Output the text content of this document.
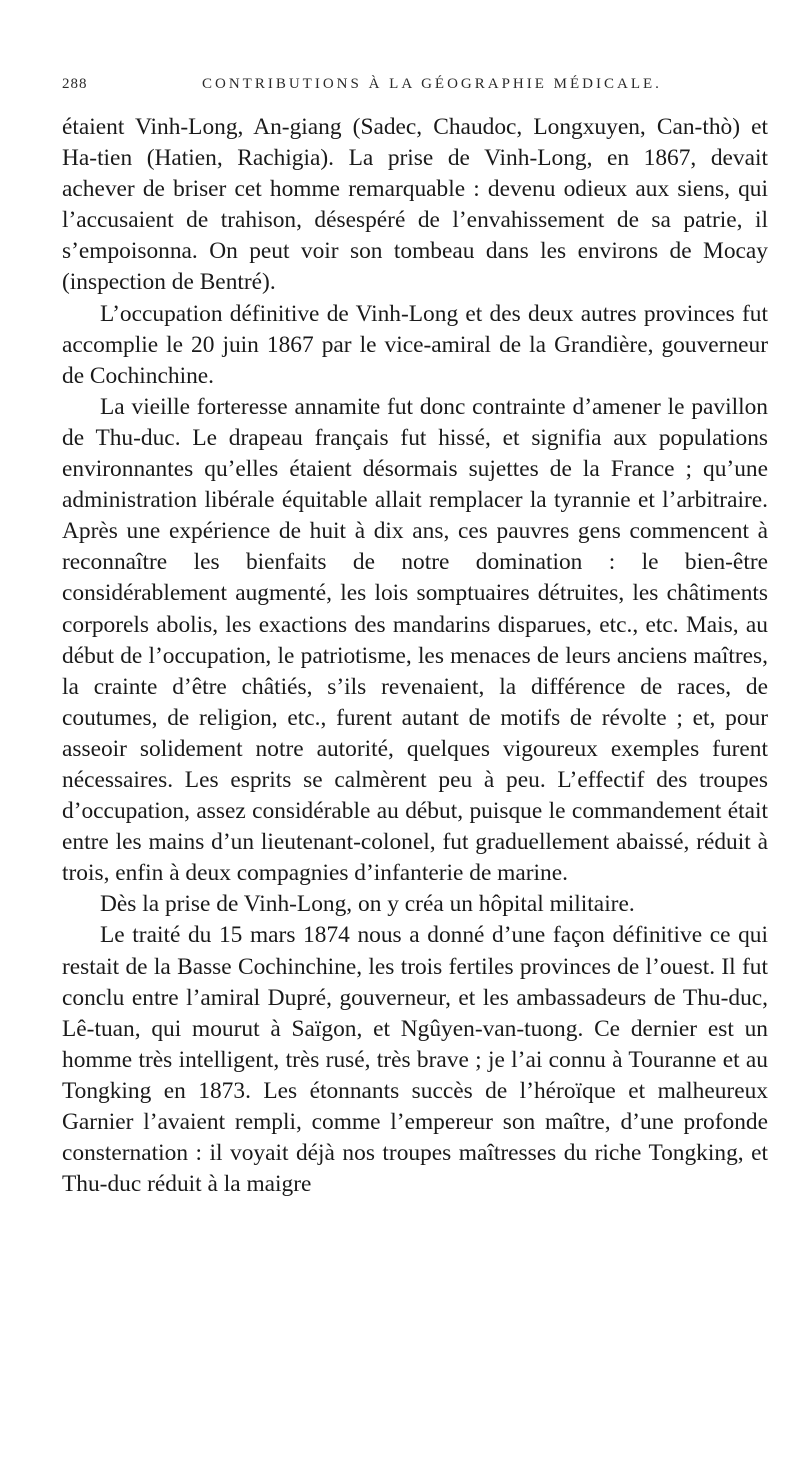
288	CONTRIBUTIONS À LA GÉOGRAPHIE MÉDICALE.

étaient Vinh-Long, An-giang (Sadec, Chaudoc, Longxuyen, Can-thò) et Ha-tien (Hatien, Rachigia). La prise de Vinh-Long, en 1867, devait achever de briser cet homme remarquable : devenu odieux aux siens, qui l’accusaient de trahison, désespéré de l’envahissement de sa patrie, il s’empoisonna. On peut voir son tombeau dans les environs de Mocay (inspection de Bentré).

L’occupation définitive de Vinh-Long et des deux autres provinces fut accomplie le 20 juin 1867 par le vice-amiral de la Grandière, gouverneur de Cochinchine.

La vieille forteresse annamite fut donc contrainte d’amener le pavillon de Thu-duc. Le drapeau français fut hissé, et signifia aux populations environnantes qu’elles étaient désormais sujettes de la France ; qu’une administration libérale équitable allait remplacer la tyrannie et l’arbitraire. Après une expérience de huit à dix ans, ces pauvres gens commencent à reconnaître les bienfaits de notre domination : le bien-être considérablement augmenté, les lois somptuaires détruites, les châtiments corporels abolis, les exactions des mandarins disparues, etc., etc. Mais, au début de l’occupation, le patriotisme, les menaces de leurs anciens maîtres, la crainte d’être châtiés, s’ils revenaient, la différence de races, de coutumes, de religion, etc., furent autant de motifs de révolte ; et, pour asseoir solidement notre autorité, quelques vigoureux exemples furent nécessaires. Les esprits se calmèrent peu à peu. L’effectif des troupes d’occupation, assez considérable au début, puisque le commandement était entre les mains d’un lieutenant-colonel, fut graduellement abaissé, réduit à trois, enfin à deux compagnies d’infanterie de marine.

Dès la prise de Vinh-Long, on y créa un hôpital militaire.

Le traité du 15 mars 1874 nous a donné d’une façon définitive ce qui restait de la Basse Cochinchine, les trois fertiles provinces de l’ouest. Il fut conclu entre l’amiral Dupré, gouverneur, et les ambassadeurs de Thu-duc, Lê-tuan, qui mourut à Saïgon, et Ngûyen-van-tuong. Ce dernier est un homme très intelligent, très rusé, très brave ; je l’ai connu à Touranne et au Tongking en 1873. Les étonnants succès de l’héroïque et malheureux Garnier l’avaient rempli, comme l’empereur son maître, d’une profonde consternation : il voyait déjà nos troupes maîtresses du riche Tongking, et Thu-duc réduit à la maigre
